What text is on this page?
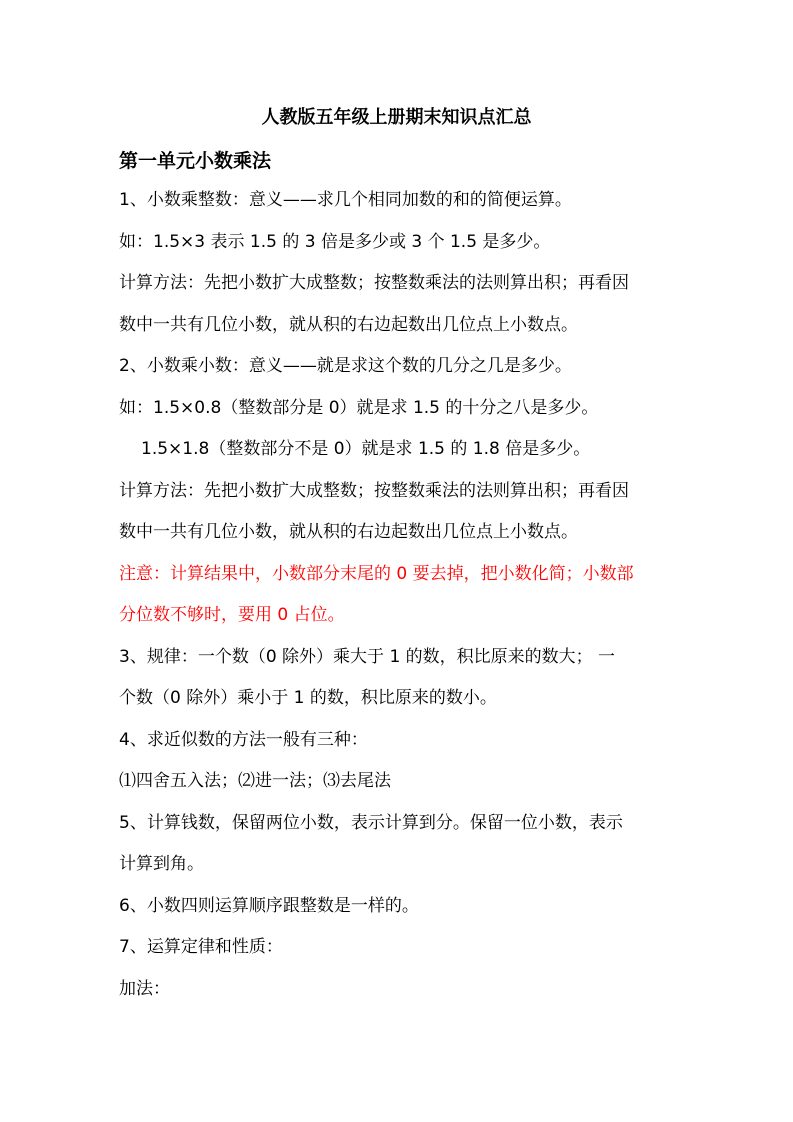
人教版五年级上册期末知识点汇总
第一单元小数乘法

1、小数乘整数：意义——求几个相同加数的和的简便运算。

如：1.5×3 表示 1.5 的 3 倍是多少或 3 个 1.5 是多少。

计算方法：先把小数扩大成整数；按整数乘法的法则算出积；再看因

数中一共有几位小数，就从积的右边起数出几位点上小数点。

2、小数乘小数：意义——就是求这个数的几分之几是多少。

如：1.5×0.8（整数部分是 0）就是求 1.5 的十分之八是多少。

1.5×1.8（整数部分不是 0）就是求 1.5 的 1.8 倍是多少。

计算方法：先把小数扩大成整数；按整数乘法的法则算出积；再看因

数中一共有几位小数，就从积的右边起数出几位点上小数点。

注意：计算结果中，小数部分末尾的 0 要去掉，把小数化简；小数部

分位数不够时，要用 0 占位。

3、规律：一个数（0 除外）乘大于 1 的数，积比原来的数大； 一

个数（0 除外）乘小于 1 的数，积比原来的数小。

4、求近似数的方法一般有三种：

⑴四舍五入法；⑵进一法；⑶去尾法

5、计算钱数，保留两位小数，表示计算到分。保留一位小数，表示

计算到角。

6、小数四则运算顺序跟整数是一样的。

7、运算定律和性质：

加法：
